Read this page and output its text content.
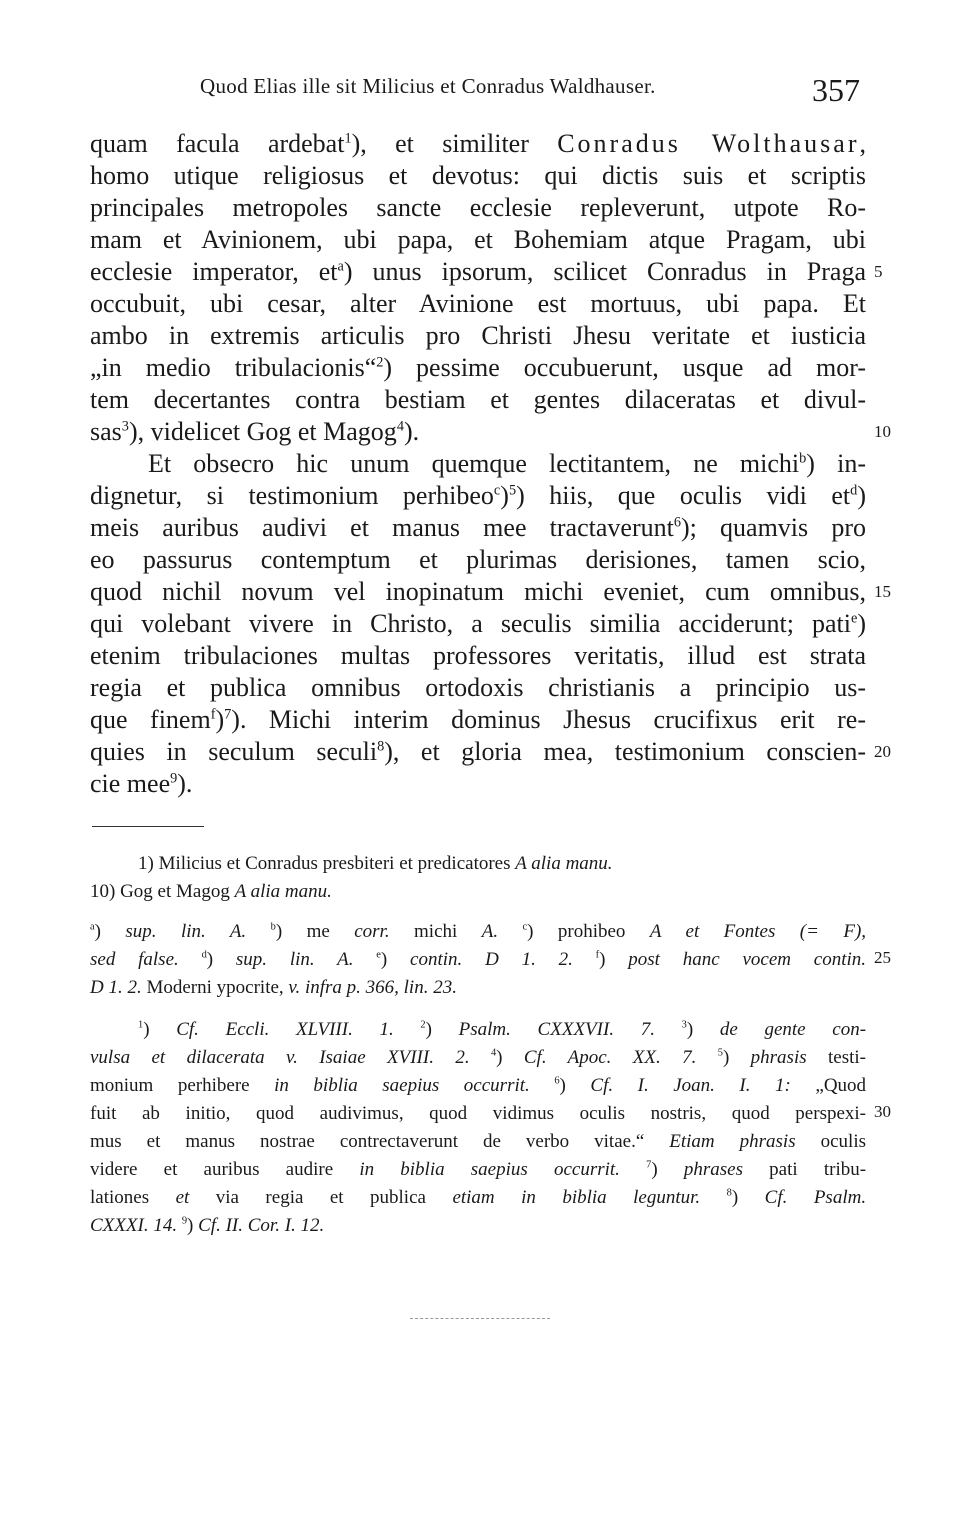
Quod Elias ille sit Milicius et Conradus Waldhauser.	357
quam facula ardebat$^1$), et similiter Conradus Wolthausar,
homo utique religiosus et devotus: qui dictis suis et scriptis
principales metropoles sancte ecclesie repleverunt, utpote Ro-
mam et Avinionem, ubi papa, et Bohemiam atque Pragam, ubi
ecclesie imperator, $et^a$) unus ipsorum, scilicet Conradus in Praga
occubuit, ubi cesar, alter Avinione est mortuus, ubi papa. Et
ambo in extremis articulis pro Christi Jhesu veritate et iusticia
„in medio tribulacionis“$^2$) pessime occubuerunt, usque ad mor-
tem decertantes contra bestiam et gentes dilaceratas et divul-
sas$^3$), videlicet Gog et Magog$^4$).
Et obsecro hic unum quemque lectitantem, ne michi$^b$) in-
dignetur, si testimonium perhibeo$^c$)$^5$) hiis, que oculis vidi $et^d$)
meis auribus audivi et manus mee tractaverunt$^6$); quamvis pro
eo passurus contemptum et plurimas derisiones, tamen scio,
quod nichil novum vel inopinatum michi eveniet, cum omnibus,
qui volebant vivere in Christo, a seculis similia acciderunt; pati$^e$)
etenim tribulaciones multas professores veritatis, illud est strata
regia et publica omnibus ortodoxis christianis a principio us-
que finem$^f$)$^7$). Michi interim dominus Jhesus crucifixus erit re-
quies in seculum seculi$^8$), et gloria mea, testimonium conscien-
cie mee$^9$).
5
10
15
20
25
30
1) Milicius et Conradus presbiteri et predicatores A alia manu.
10) Gog et Magog A alia manu.
$^a$) sup. lin. A. $^b$) me corr. michi A. $^c$) prohibeo A et Fontes (= F),
sed false. $^d$) sup. lin. A. $^e$) contin. D 1. 2. $^f$) post hanc vocem contin.
D 1. 2. Moderni ypocrite, v. infra p. 366, lin. 23.
$^1$) Cf. Eccli. XLVIII. 1.	$^2$) Psalm. CXXXVII. 7.	$^3$) de gente con-
vulsa et dilacerata v. Isaiae XVIII. 2. $^4$) Cf. Apoc. XX. 7. $^5$) phrasis testi-
monium perhibere in biblia saepius occurrit. $^6$) Cf. I. Joan. I. 1: „Quod
fuit ab initio, quod audivimus, quod vidimus oculis nostris, quod perspexi-
mus et manus nostrae contrectaverunt de verbo vitae.“ Etiam phrasis oculis
videre et auribus audire in biblia saepius occurrit.	$^7$) phrases pati tribu-
lationes et via regia et publica etiam in biblia leguntur.	$^8$) Cf. Psalm.
CXXXI. 14. $^9$) Cf. II. Cor. I. 12.
